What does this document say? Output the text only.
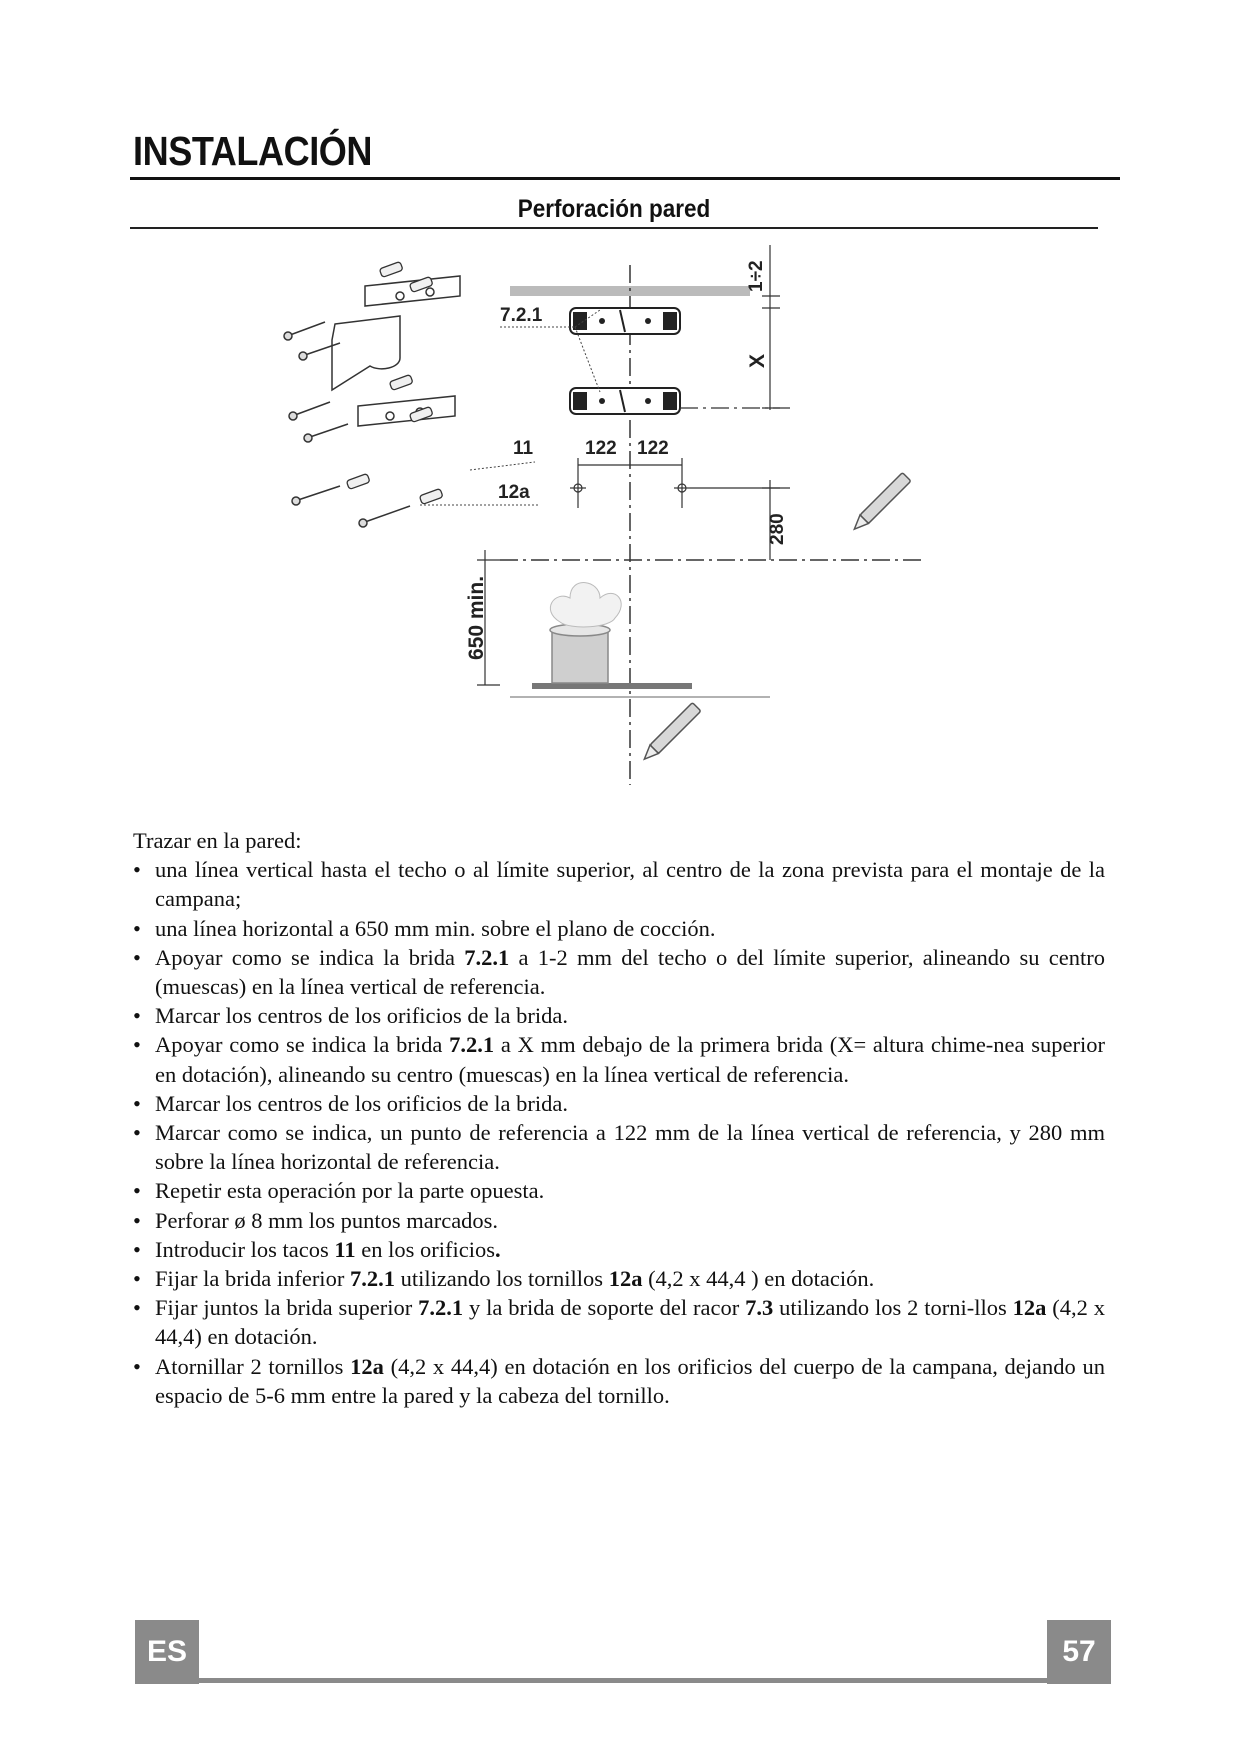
INSTALACIÓN
Perforación pared
7.2.1
1÷2
X
122 122
280
650 min.
11
12a

Trazar en la pared:

• una línea vertical hasta el techo o al límite superior, al centro de la zona prevista para el montaje de la campana;
• una línea horizontal a 650 mm min. sobre el plano de cocción.
• Apoyar como se indica la brida 7.2.1 a 1-2 mm del techo o del límite superior, alineando su centro (muescas) en la línea vertical de referencia.
• Marcar los centros de los orificios de la brida.
• Apoyar como se indica la brida 7.2.1 a X mm debajo de la primera brida (X= altura chime-nea superior en dotación), alineando su centro (muescas) en la línea vertical de referencia.
• Marcar los centros de los orificios de la brida.
• Marcar como se indica, un punto de referencia a 122 mm de la línea vertical de referencia, y 280 mm sobre la línea horizontal de referencia.
• Repetir esta operación por la parte opuesta.
• Perforar ø 8 mm los puntos marcados.
• Introducir los tacos 11 en los orificios.
• Fijar la brida inferior 7.2.1 utilizando los tornillos 12a (4,2 x 44,4 ) en dotación.
• Fijar juntos la brida superior 7.2.1 y la brida de soporte del racor 7.3 utilizando los 2 torni-llos 12a (4,2 x 44,4) en dotación.
• Atornillar 2 tornillos 12a (4,2 x 44,4) en dotación en los orificios del cuerpo de la campana, dejando un espacio de 5-6 mm entre la pared y la cabeza del tornillo.
ES	57
